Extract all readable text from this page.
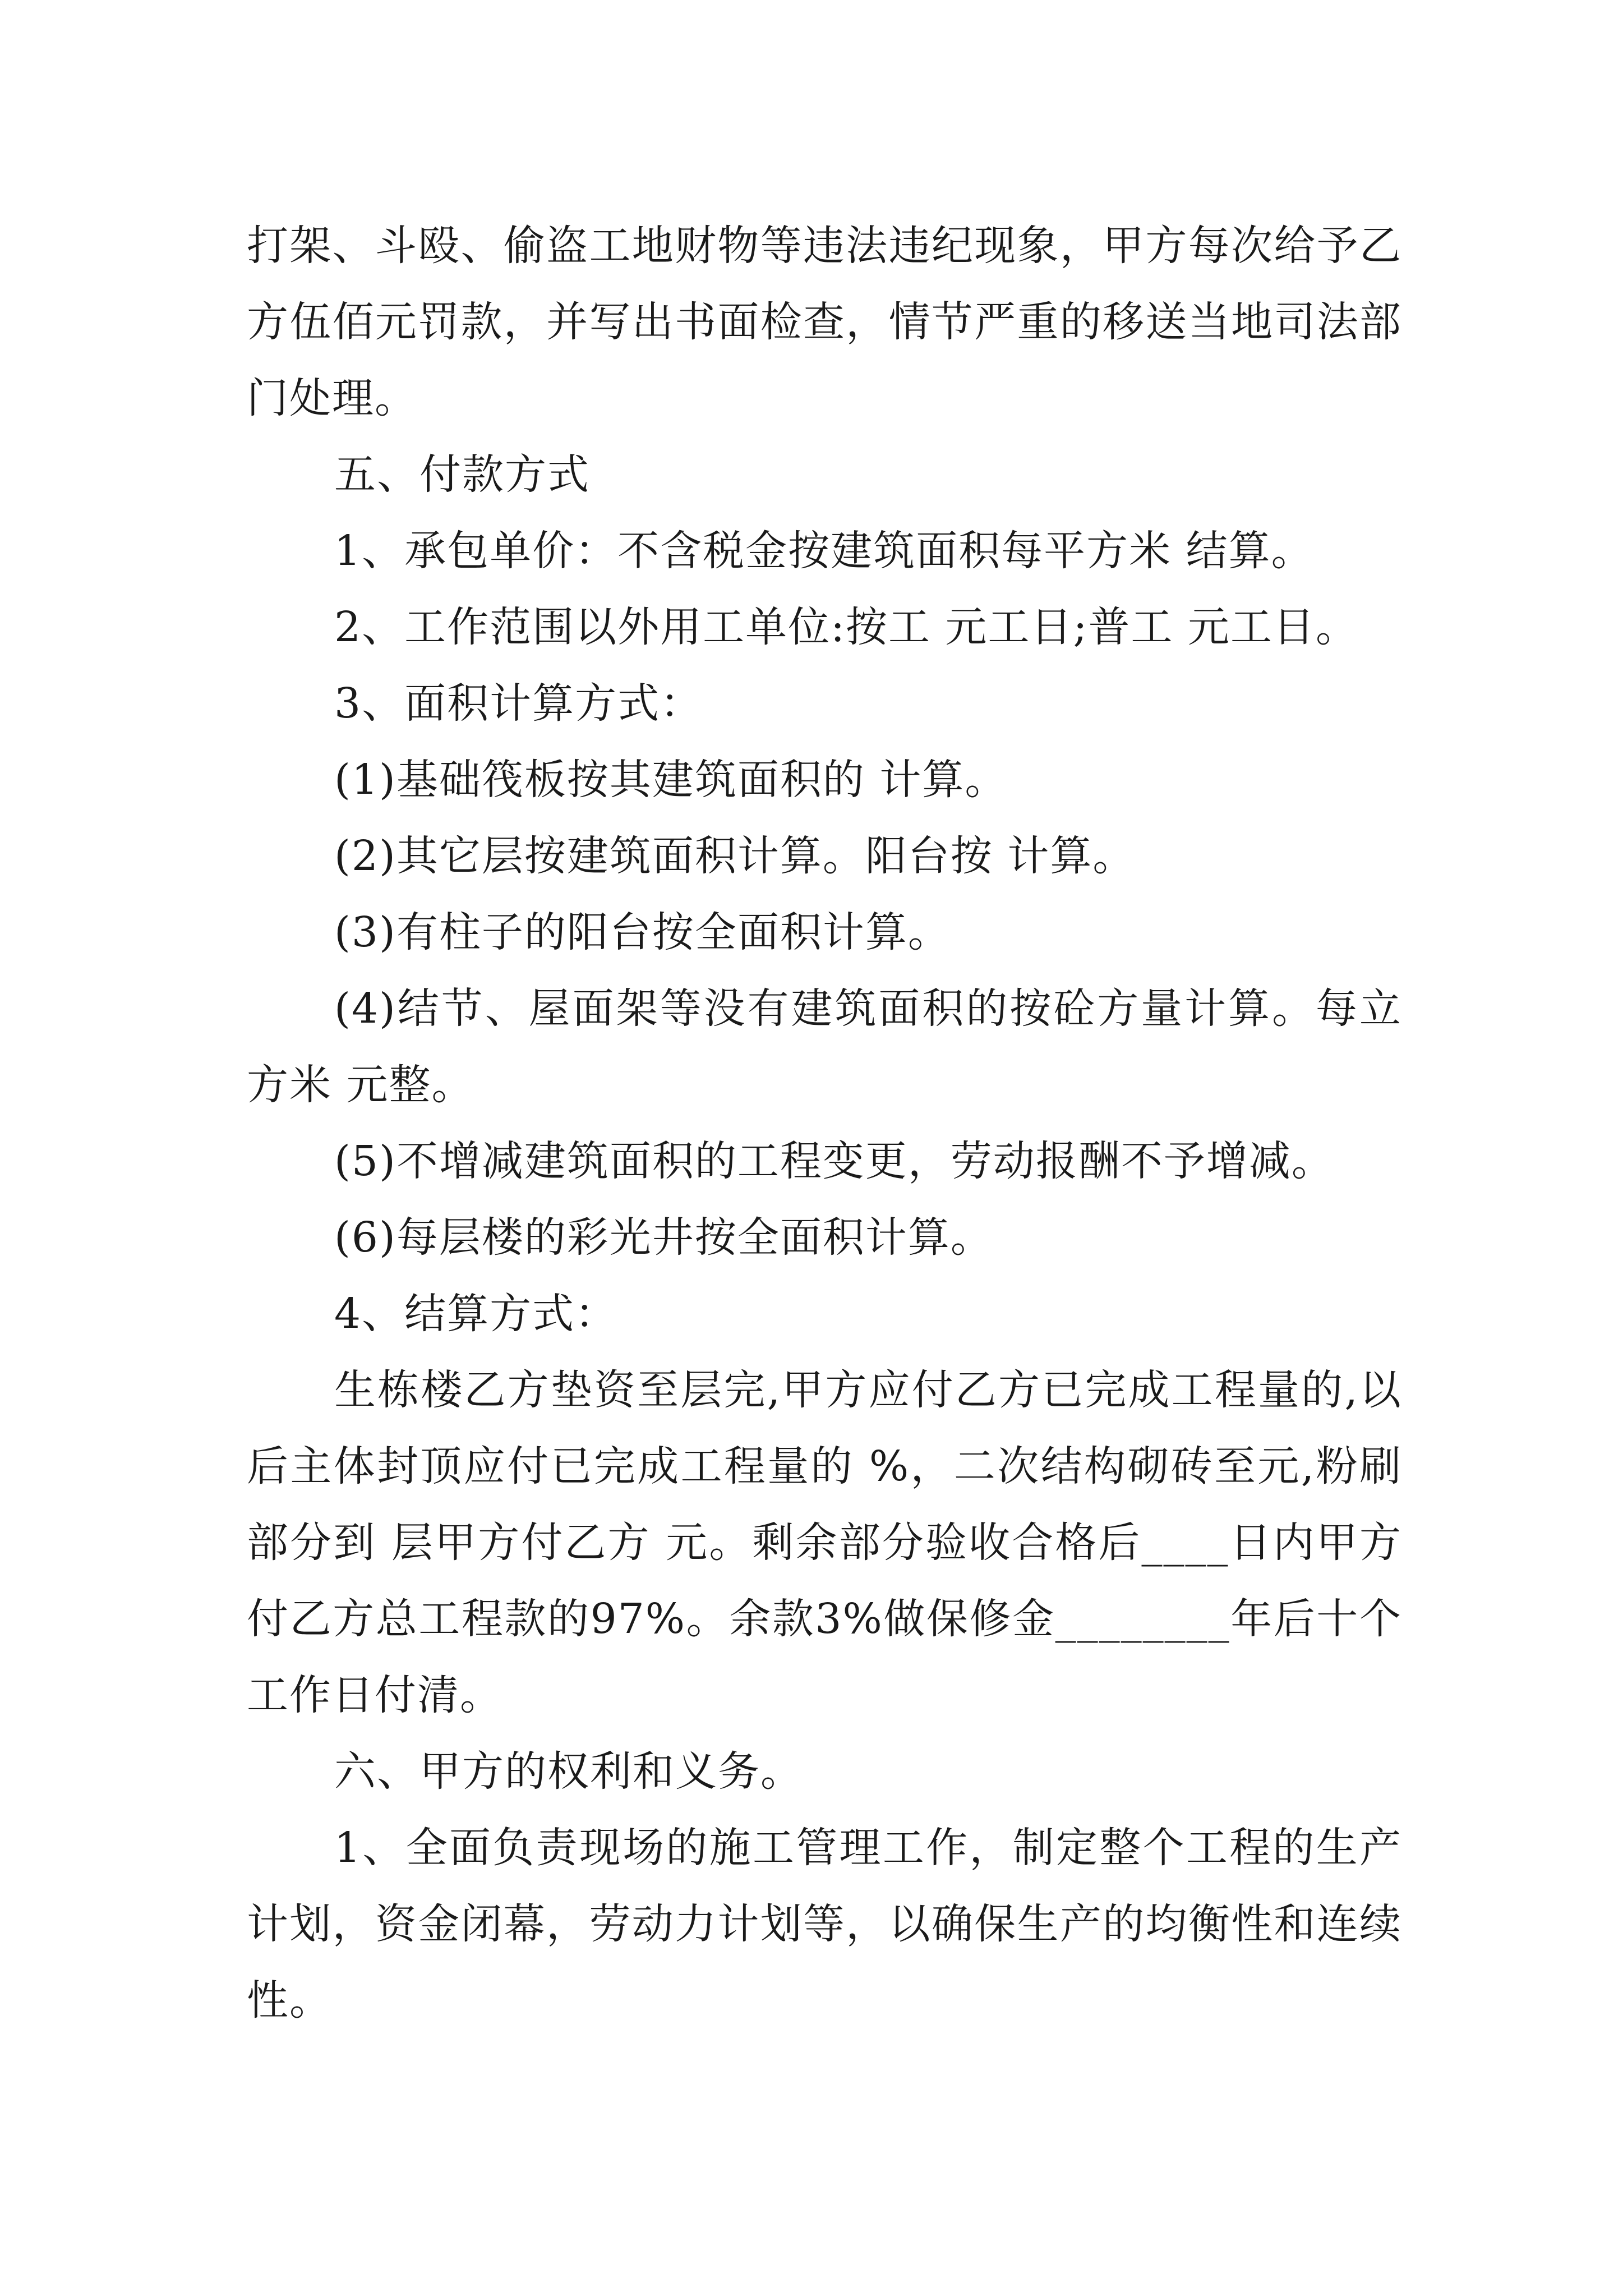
打架、斗殴、偷盗工地财物等违法违纪现象，甲方每次给予乙方伍佰元罚款，并写出书面检查，情节严重的移送当地司法部门处理。

五、付款方式

1、承包单价：不含税金按建筑面积每平方米 结算。

2、工作范围以外用工单位:按工 元工日;普工 元工日。

3、面积计算方式：

(1)基础筏板按其建筑面积的 计算。

(2)其它层按建筑面积计算。阳台按 计算。

(3)有柱子的阳台按全面积计算。

(4)结节、屋面架等没有建筑面积的按砼方量计算。每立方米 元整。

(5)不增减建筑面积的工程变更，劳动报酬不予增减。

(6)每层楼的彩光井按全面积计算。

4、结算方式：

生栋楼乙方垫资至层完,甲方应付乙方已完成工程量的,以后主体封顶应付已完成工程量的 %，二次结构砌砖至元,粉刷部分到 层甲方付乙方 元。剩余部分验收合格后____日内甲方付乙方总工程款的97%。余款3%做保修金________年后十个工作日付清。

六、甲方的权利和义务。

1、全面负责现场的施工管理工作，制定整个工程的生产计划，资金闭幕，劳动力计划等，以确保生产的均衡性和连续性。
